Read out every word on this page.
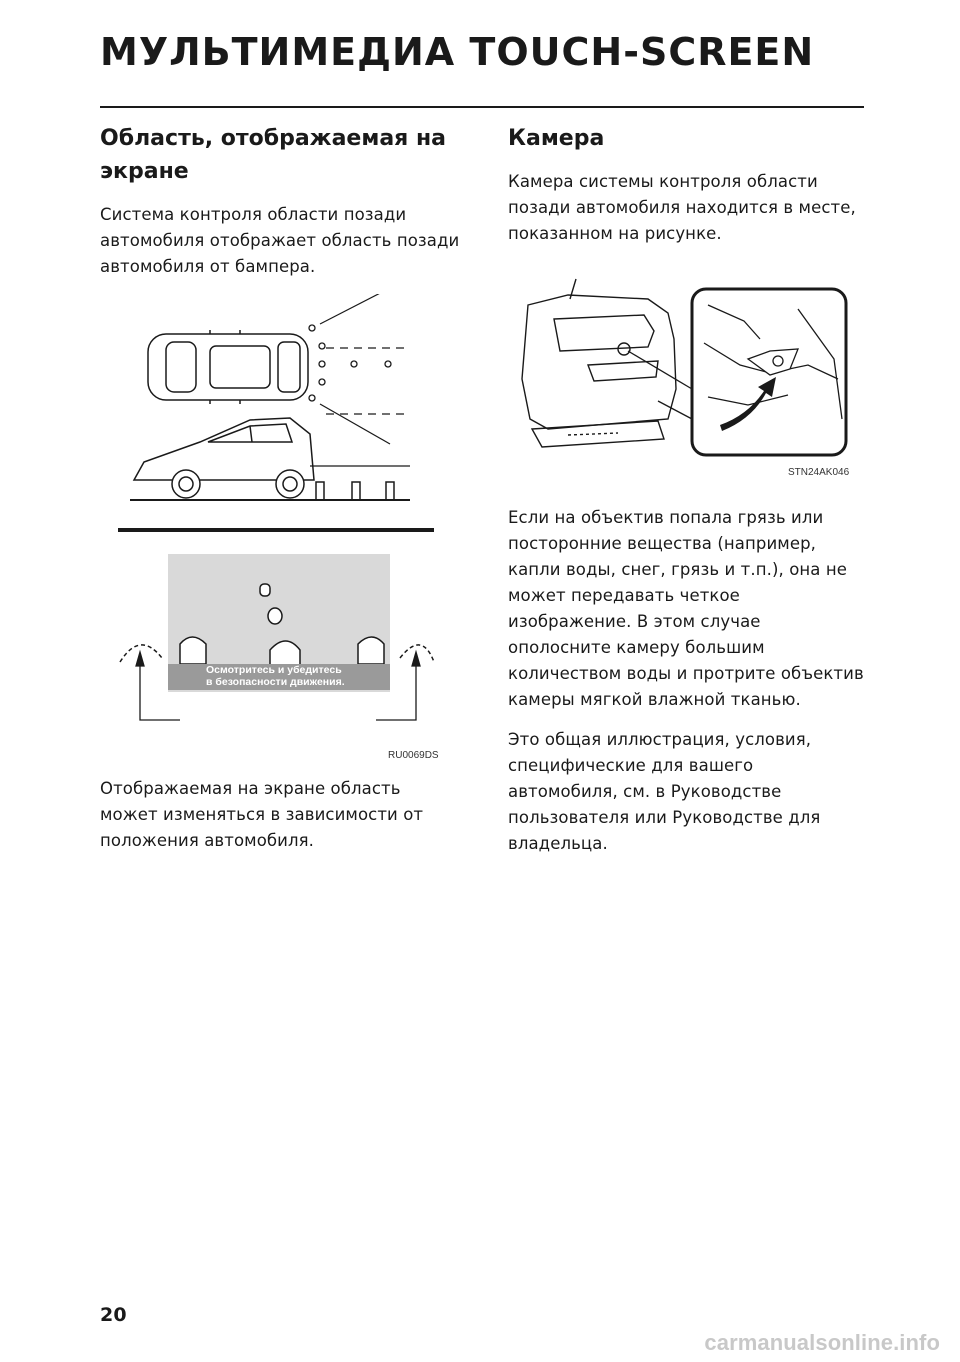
МУЛЬТИМЕДИА TOUCH-SCREEN
Область, отображаемая на экране

Система контроля области позади автомобиля отображает область позади автомобиля от бампера.

Осмотритесь и убедитесь
в безопасности движения.
RU0069DS

Отображаемая на экране область может изменяться в зависимости от положения автомобиля.

Камера

Камера системы контроля области позади автомобиля находится в месте, показанном на рисунке.

STN24AK046

Если на объектив попала грязь или посторонние вещества (например, капли воды, снег, грязь и т.п.), она не может передавать четкое изображение. В этом случае ополосните камеру большим количеством воды и протрите объектив камеры мягкой влажной тканью.

Это общая иллюстрация, условия, специфические для вашего автомобиля, см. в Руководстве пользователя или Руководстве для владельца.

20

carmanualsonline.info
